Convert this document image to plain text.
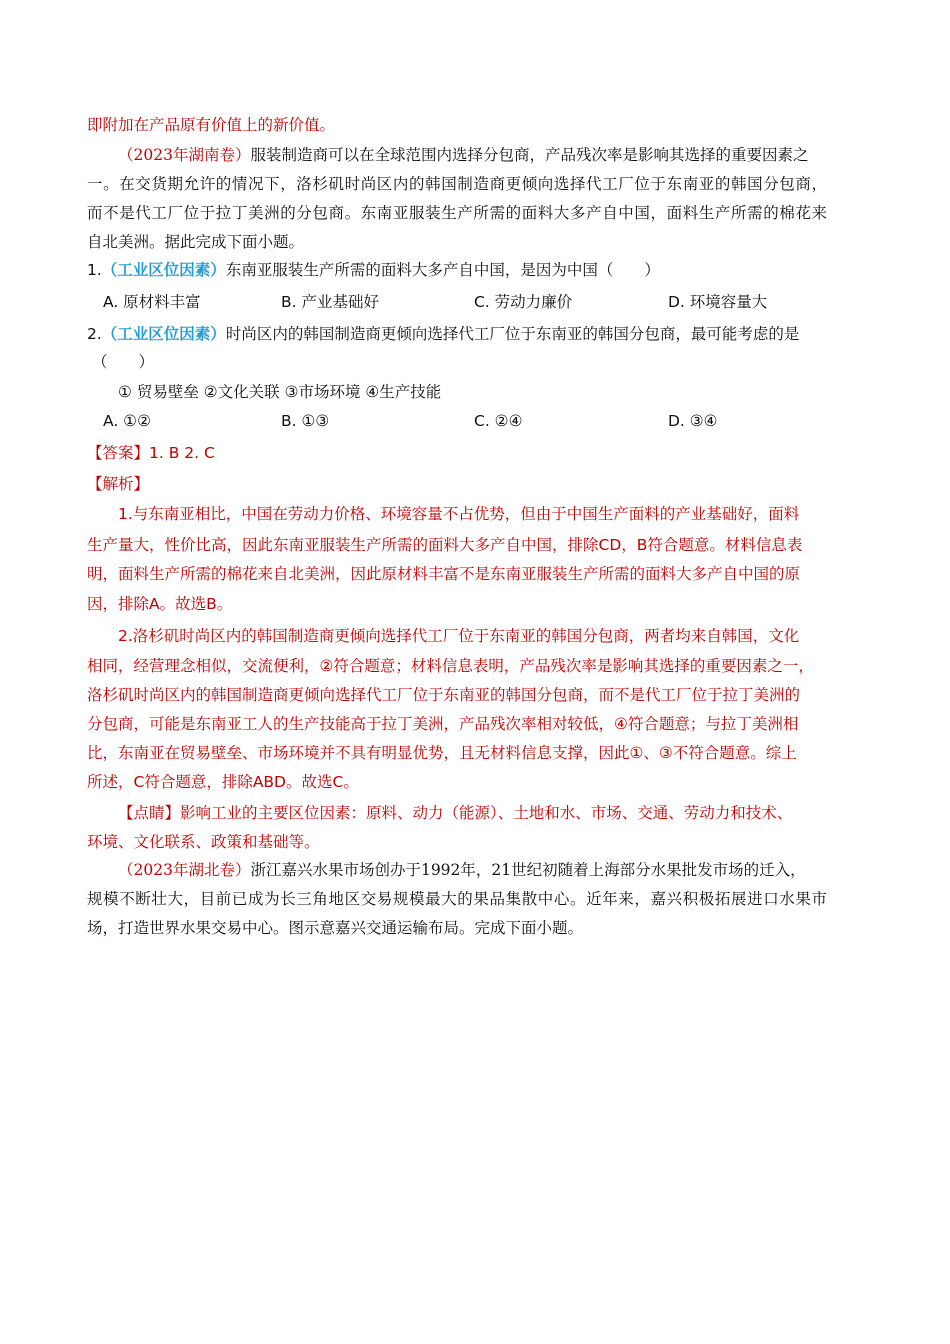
即附加在产品原有价值上的新价值。
（2023年湖南卷）服装制造商可以在全球范围内选择分包商，产品残次率是影响其选择的重要因素之
一。在交货期允许的情况下，洛杉矶时尚区内的韩国制造商更倾向选择代工厂位于东南亚的韩国分包商，
而不是代工厂位于拉丁美洲的分包商。东南亚服装生产所需的面料大多产自中国，面料生产所需的棉花来
自北美洲。据此完成下面小题。
1.（工业区位因素）东南亚服装生产所需的面料大多产自中国，是因为中国（　　）
A. 原材料丰富	B. 产业基础好	C. 劳动力廉价	D. 环境容量大
2.（工业区位因素）时尚区内的韩国制造商更倾向选择代工厂位于东南亚的韩国分包商，最可能考虑的是
（　　）
① 贸易壁垒 ②文化关联 ③市场环境 ④生产技能
A. ①②	B. ①③	C. ②④	D. ③④
【答案】1. B 2. C
【解析】
1.与东南亚相比，中国在劳动力价格、环境容量不占优势，但由于中国生产面料的产业基础好，面料
生产量大，性价比高，因此东南亚服装生产所需的面料大多产自中国，排除CD，B符合题意。材料信息表
明，面料生产所需的棉花来自北美洲，因此原材料丰富不是东南亚服装生产所需的面料大多产自中国的原
因，排除A。故选B。
2.洛杉矶时尚区内的韩国制造商更倾向选择代工厂位于东南亚的韩国分包商，两者均来自韩国，文化
相同，经营理念相似，交流便利，②符合题意；材料信息表明，产品残次率是影响其选择的重要因素之一，
洛杉矶时尚区内的韩国制造商更倾向选择代工厂位于东南亚的韩国分包商，而不是代工厂位于拉丁美洲的
分包商，可能是东南亚工人的生产技能高于拉丁美洲，产品残次率相对较低，④符合题意；与拉丁美洲相
比，东南亚在贸易壁垒、市场环境并不具有明显优势，且无材料信息支撑，因此①、③不符合题意。综上
所述，C符合题意，排除ABD。故选C。
【点睛】影响工业的主要区位因素：原料、动力（能源）、土地和水、市场、交通、劳动力和技术、
环境、文化联系、政策和基础等。
（2023年湖北卷）浙江嘉兴水果市场创办于1992年，21世纪初随着上海部分水果批发市场的迁入，
规模不断壮大，目前已成为长三角地区交易规模最大的果品集散中心。近年来，嘉兴积极拓展进口水果市
场，打造世界水果交易中心。图示意嘉兴交通运输布局。完成下面小题。
